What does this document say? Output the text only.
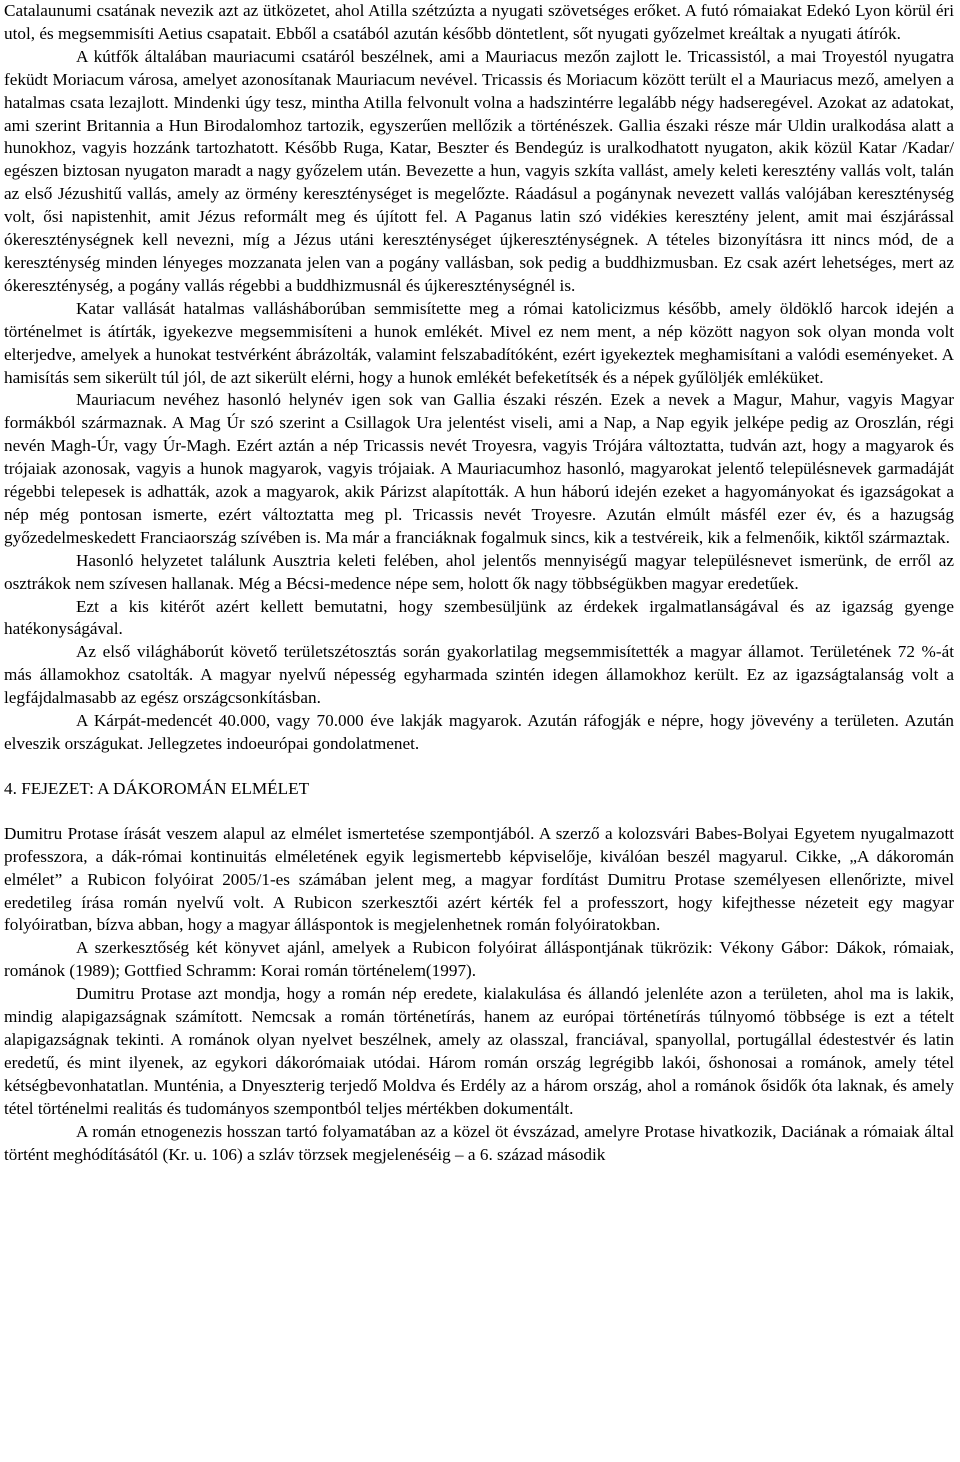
Catalaunumi csatának nevezik azt az ütközetet, ahol Atilla szétzúzta a nyugati szövetséges erőket. A futó rómaiakat Edekó Lyon körül éri utol, és megsemmisíti Aetius csapatait. Ebből a csatából azután később döntetlent, sőt nyugati győzelmet kreáltak a nyugati átírók.

A kútfők általában mauriacumi csatáról beszélnek, ami a Mauriacus mezőn zajlott le. Tricassistól, a mai Troyestól nyugatra feküdt Moriacum városa, amelyet azonosítanak Mauriacum nevével. Tricassis és Moriacum között terült el a Mauriacus mező, amelyen a hatalmas csata lezajlott. Mindenki úgy tesz, mintha Atilla felvonult volna a hadszintérre legalább négy hadseregével. Azokat az adatokat, ami szerint Britannia a Hun Birodalomhoz tartozik, egyszerűen mellőzik a történészek. Gallia északi része már Uldin uralkodása alatt a hunokhoz, vagyis hozzánk tartozhatott. Később Ruga, Katar, Beszter és Bendegúz is uralkodhatott nyugaton, akik közül Katar /Kadar/ egészen biztosan nyugaton maradt a nagy győzelem után. Bevezette a hun, vagyis szkíta vallást, amely keleti keresztény vallás volt, talán az első Jézushitű vallás, amely az örmény kereszténységet is megelőzte. Ráadásul a pogánynak nevezett vallás valójában kereszténység volt, ősi napistenhit, amit Jézus reformált meg és újított fel. A Paganus latin szó vidékies keresztény jelent, amit mai észjárással ókereszténységnek kell nevezni, míg a Jézus utáni kereszténységet újkereszténységnek. A tételes bizonyításra itt nincs mód, de a kereszténység minden lényeges mozzanata jelen van a pogány vallásban, sok pedig a buddhizmusban. Ez csak azért lehetséges, mert az ókereszténység, a pogány vallás régebbi a buddhizmusnál és újkereszténységnél is.

Katar vallását hatalmas vallásháborúban semmisítette meg a római katolicizmus később, amely öldöklő harcok idején a történelmet is átírták, igyekezve megsemmisíteni a hunok emlékét. Mivel ez nem ment, a nép között nagyon sok olyan monda volt elterjedve, amelyek a hunokat testvérként ábrázolták, valamint felszabadítóként, ezért igyekeztek meghamisítani a valódi eseményeket. A hamisítás sem sikerült túl jól, de azt sikerült elérni, hogy a hunok emlékét befeketítsék és a népek gyűlöljék emléküket.

Mauriacum nevéhez hasonló helynév igen sok van Gallia északi részén. Ezek a nevek a Magur, Mahur, vagyis Magyar formákból származnak. A Mag Úr szó szerint a Csillagok Ura jelentést viseli, ami a Nap, a Nap egyik jelképe pedig az Oroszlán, régi nevén Magh-Úr, vagy Úr-Magh. Ezért aztán a nép Tricassis nevét Troyesra, vagyis Trójára változtatta, tudván azt, hogy a magyarok és trójaiak azonosak, vagyis a hunok magyarok, vagyis trójaiak. A Mauriacumhoz hasonló, magyarokat jelentő településnevek garmadáját régebbi telepesek is adhatták, azok a magyarok, akik Párizst alapították. A hun háború idején ezeket a hagyományokat és igazságokat a nép még pontosan ismerte, ezért változtatta meg pl. Tricassis nevét Troyesre. Azután elmúlt másfél ezer év, és a hazugság győzedelmeskedett Franciaország szívében is. Ma már a franciáknak fogalmuk sincs, kik a testvéreik, kik a felmenőik, kiktől származtak.

Hasonló helyzetet találunk Ausztria keleti felében, ahol jelentős mennyiségű magyar településnevet ismerünk, de erről az osztrákok nem szívesen hallanak. Még a Bécsi-medence népe sem, holott ők nagy többségükben magyar eredetűek.

Ezt a kis kitérőt azért kellett bemutatni, hogy szembesüljünk az érdekek irgalmatlanságával és az igazság gyenge hatékonyságával.

Az első világháborút követő területszétosztás során gyakorlatilag megsemmisítették a magyar államot. Területének 72 %-át más államokhoz csatolták. A magyar nyelvű népesség egyharmada szintén idegen államokhoz került. Ez az igazságtalanság volt a legfájdalmasabb az egész országcsonkításban.

A Kárpát-medencét 40.000, vagy 70.000 éve lakják magyarok. Azután ráfogják e népre, hogy jövevény a területen. Azután elveszik országukat. Jellegzetes indoeurópai gondolatmenet.

4. FEJEZET: A DÁKOROMÁN ELMÉLET

Dumitru Protase írását veszem alapul az elmélet ismertetése szempontjából. A szerző a kolozsvári Babes-Bolyai Egyetem nyugalmazott professzora, a dák-római kontinuitás elméletének egyik legismertebb képviselője, kiválóan beszél magyarul. Cikke, „A dákoromán elmélet” a Rubicon folyóirat 2005/1-es számában jelent meg, a magyar fordítást Dumitru Protase személyesen ellenőrizte, mivel eredetileg írása román nyelvű volt. A Rubicon szerkesztői azért kérték fel a professzort, hogy kifejthesse nézeteit egy magyar folyóiratban, bízva abban, hogy a magyar álláspontok is megjelenhetnek román folyóiratokban.

A szerkesztőség két könyvet ajánl, amelyek a Rubicon folyóirat álláspontjának tükrözik: Vékony Gábor: Dákok, rómaiak, románok (1989); Gottfied Schramm: Korai román történelem(1997).

Dumitru Protase azt mondja, hogy a román nép eredete, kialakulása és állandó jelenléte azon a területen, ahol ma is lakik, mindig alapigazságnak számított. Nemcsak a román történetírás, hanem az európai történetírás túlnyomó többsége is ezt a tételt alapigazságnak tekinti. A románok olyan nyelvet beszélnek, amely az olasszal, franciával, spanyollal, portugállal édestestvér és latin eredetű, és mint ilyenek, az egykori dákorómaiak utódai. Három román ország legrégibb lakói, őshonosai a románok, amely tétel kétségbevonhatatlan. Munténia, a Dnyeszterig terjedő Moldva és Erdély az a három ország, ahol a románok ősidők óta laknak, és amely tétel történelmi realitás és tudományos szempontból teljes mértékben dokumentált.

A román etnogenezis hosszan tartó folyamatában az a közel öt évszázad, amelyre Protase hivatkozik, Daciának a rómaiak által történt meghódításától (Kr. u. 106) a szláv törzsek megjelenéséig – a 6. század második
